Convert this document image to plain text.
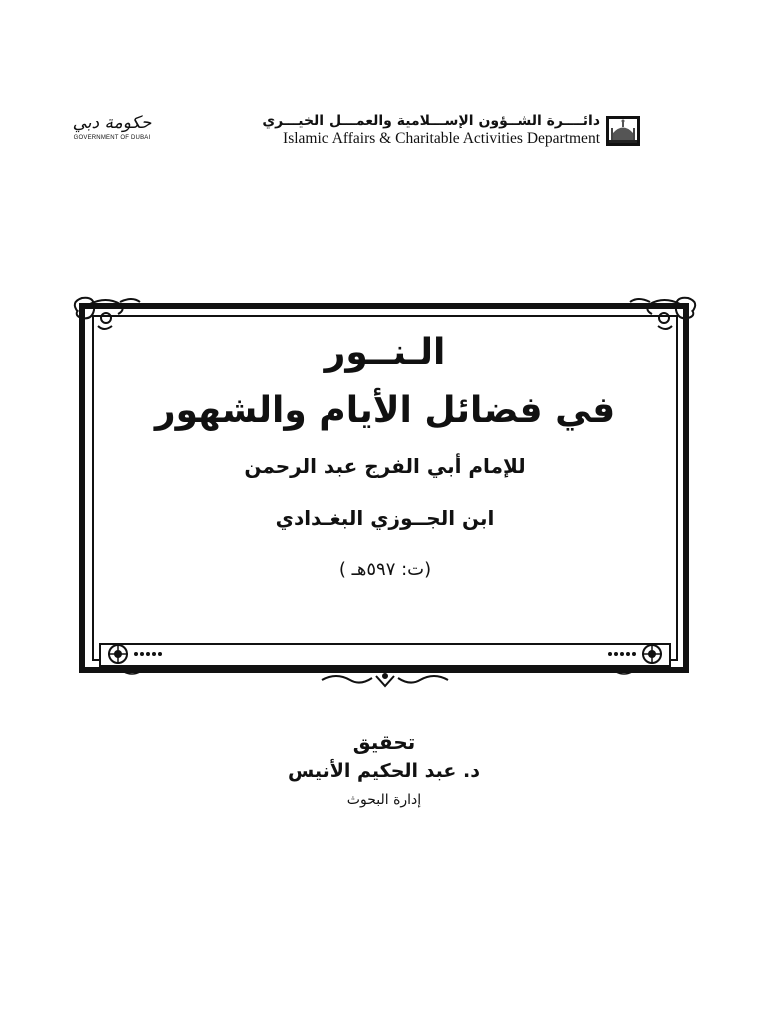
حكومة دبي
GOVERNMENT OF DUBAI
دائــــرة الشــؤون الإســـلامية والعمـــل الخيـــري
Islamic Affairs & Charitable Activities Department
الـنــور
في فضائل الأيام والشهور
للإمام أبي الفرج عبد الرحمن
ابن الجــوزي البغـدادي
(ت: ٥٩٧هـ )
تحقيق
د. عبد الحكيم الأنيس
إدارة البحوث
